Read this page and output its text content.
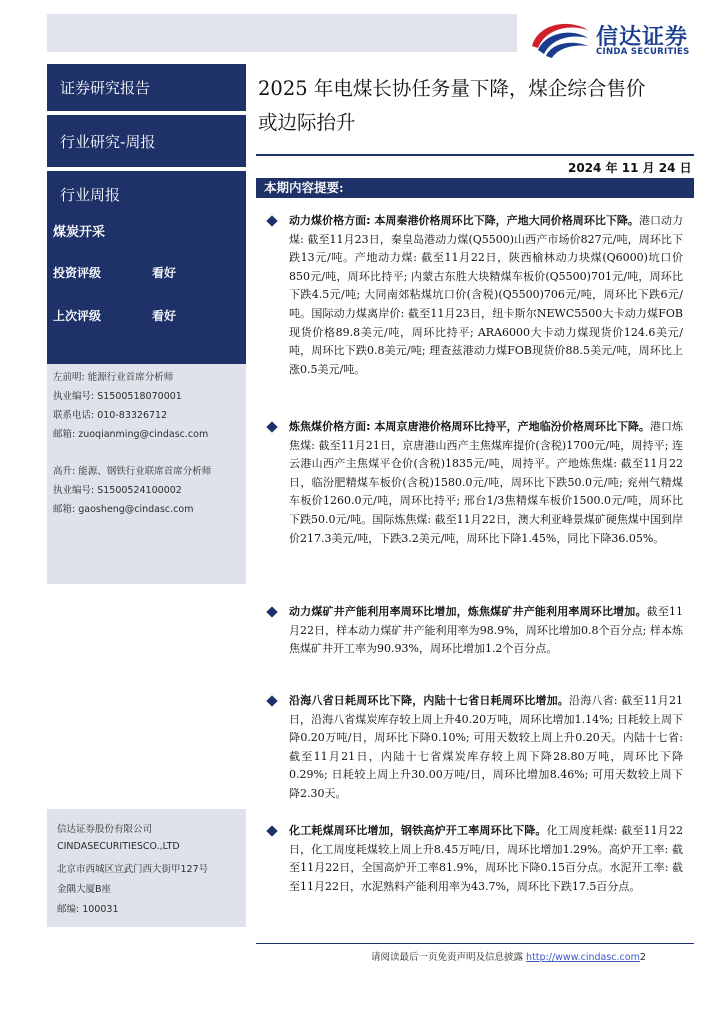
信达证券
CINDA SECURITIES
证券研究报告
行业研究-周报
行业周报
煤炭开采
投资评级	看好
上次评级	看好
左前明: 能源行业首席分析师
执业编号: S1500518070001
联系电话: 010-83326712
邮箱: zuoqianming@cindasc.com
高升: 能源、钢铁行业联席首席分析师
执业编号: S1500524100002
邮箱: gaosheng@cindasc.com
信达证券股份有限公司
CINDASECURITIESCO.,LTD
北京市西城区宣武门西大街甲127号
金隅大厦B座
邮编: 100031
2025 年电煤长协任务量下降，煤企综合售价
或边际抬升
2024 年 11 月 24 日
本期内容提要:
动力煤价格方面: 本周秦港价格周环比下降，产地大同价格周环比下降。港口动力煤: 截至11月23日，秦皇岛港动力煤(Q5500)山西产市场价827元/吨，周环比下跌13元/吨。产地动力煤: 截至11月22日，陕西榆林动力块煤(Q6000)坑口价850元/吨，周环比持平; 内蒙古东胜大块精煤车板价(Q5500)701元/吨，周环比下跌4.5元/吨; 大同南郊粘煤坑口价(含税)(Q5500)706元/吨，周环比下跌6元/吨。国际动力煤离岸价: 截至11月23日，纽卡斯尔NEWC5500大卡动力煤FOB现货价格89.8美元/吨，周环比持平; ARA6000大卡动力煤现货价124.6美元/吨，周环比下跌0.8美元/吨; 理查兹港动力煤FOB现货价88.5美元/吨，周环比上涨0.5美元/吨。
炼焦煤价格方面: 本周京唐港价格周环比持平，产地临汾价格周环比下降。港口炼焦煤: 截至11月21日，京唐港山西产主焦煤库提价(含税)1700元/吨，周持平; 连云港山西产主焦煤平仓价(含税)1835元/吨，周持平。产地炼焦煤: 截至11月22日，临汾肥精煤车板价(含税)1580.0元/吨，周环比下跌50.0元/吨; 兖州气精煤车板价1260.0元/吨，周环比持平; 邢台1/3焦精煤车板价1500.0元/吨，周环比下跌50.0元/吨。国际炼焦煤: 截至11月22日，澳大利亚峰景煤矿硬焦煤中国到岸价217.3美元/吨，下跌3.2美元/吨，周环比下降1.45%，同比下降36.05%。
动力煤矿井产能利用率周环比增加，炼焦煤矿井产能利用率周环比增加。截至11月22日，样本动力煤矿井产能利用率为98.9%，周环比增加0.8个百分点; 样本炼焦煤矿井开工率为90.93%，周环比增加1.2个百分点。
沿海八省日耗周环比下降，内陆十七省日耗周环比增加。沿海八省: 截至11月21日，沿海八省煤炭库存较上周上升40.20万吨，周环比增加1.14%; 日耗较上周下降0.20万吨/日，周环比下降0.10%; 可用天数较上周上升0.20天。内陆十七省: 截至11月21日，内陆十七省煤炭库存较上周下降28.80万吨，周环比下降0.29%; 日耗较上周上升30.00万吨/日，周环比增加8.46%; 可用天数较上周下降2.30天。
化工耗煤周环比增加，钢铁高炉开工率周环比下降。化工周度耗煤: 截至11月22日，化工周度耗煤较上周上升8.45万吨/日，周环比增加1.29%。高炉开工率: 截至11月22日，全国高炉开工率81.9%，周环比下降0.15百分点。水泥开工率: 截至11月22日，水泥熟料产能利用率为43.7%，周环比下跌17.5百分点。
请阅读最后一页免责声明及信息披露 http://www.cindasc.com2
